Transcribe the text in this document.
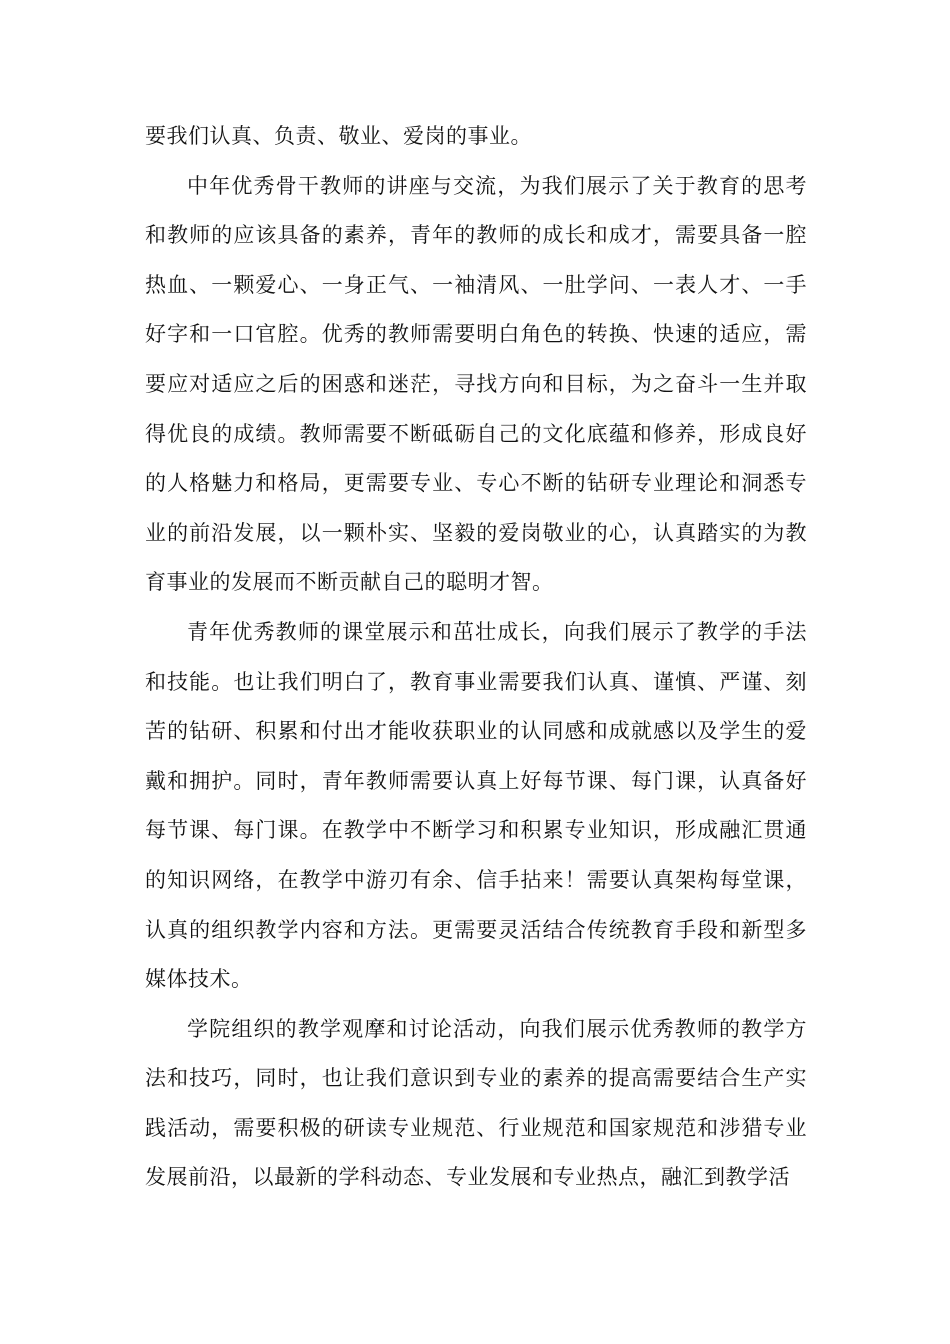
要我们认真、负责、敬业、爱岗的事业。

中年优秀骨干教师的讲座与交流，为我们展示了关于教育的思考和教师的应该具备的素养，青年的教师的成长和成才，需要具备一腔热血、一颗爱心、一身正气、一袖清风、一肚学问、一表人才、一手好字和一口官腔。优秀的教师需要明白角色的转换、快速的适应，需要应对适应之后的困惑和迷茫，寻找方向和目标，为之奋斗一生并取得优良的成绩。教师需要不断砥砺自己的文化底蕴和修养，形成良好的人格魅力和格局，更需要专业、专心不断的钻研专业理论和洞悉专业的前沿发展，以一颗朴实、坚毅的爱岗敬业的心，认真踏实的为教育事业的发展而不断贡献自己的聪明才智。

青年优秀教师的课堂展示和茁壮成长，向我们展示了教学的手法和技能。也让我们明白了，教育事业需要我们认真、谨慎、严谨、刻苦的钻研、积累和付出才能收获职业的认同感和成就感以及学生的爱戴和拥护。同时，青年教师需要认真上好每节课、每门课，认真备好每节课、每门课。在教学中不断学习和积累专业知识，形成融汇贯通的知识网络，在教学中游刃有余、信手拈来！需要认真架构每堂课，认真的组织教学内容和方法。更需要灵活结合传统教育手段和新型多媒体技术。

学院组织的教学观摩和讨论活动，向我们展示优秀教师的教学方法和技巧，同时，也让我们意识到专业的素养的提高需要结合生产实践活动，需要积极的研读专业规范、行业规范和国家规范和涉猎专业发展前沿，以最新的学科动态、专业发展和专业热点，融汇到教学活
